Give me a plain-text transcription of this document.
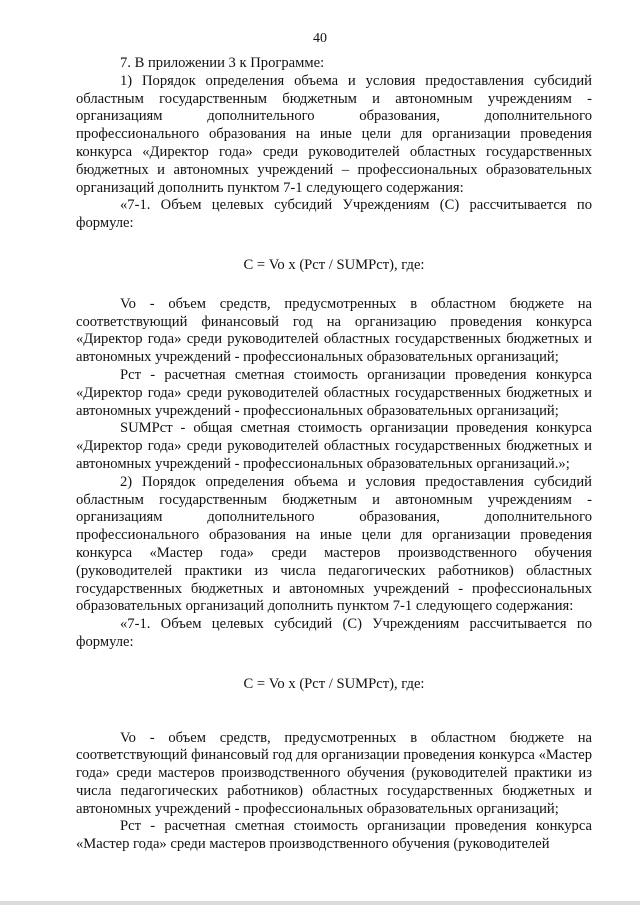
40

7. В приложении 3 к Программе:

1) Порядок определения объема и условия предоставления субсидий областным государственным бюджетным и автономным учреждениям - организациям дополнительного образования, дополнительного профессионального образования на иные цели для организации проведения конкурса «Директор года» среди руководителей областных государственных бюджетных и автономных учреждений – профессиональных образовательных организаций дополнить пунктом 7-1 следующего содержания:

«7-1. Объем целевых субсидий Учреждениям (С) рассчитывается по формуле:

С = Vo x (Рст / SUMРст), где:

Vo - объем средств, предусмотренных в областном бюджете на соответствующий финансовый год на организацию проведения конкурса «Директор года» среди руководителей областных государственных бюджетных и автономных учреждений - профессиональных образовательных организаций;

Рст - расчетная сметная стоимость организации проведения конкурса «Директор года» среди руководителей областных государственных бюджетных и автономных учреждений - профессиональных образовательных организаций;

SUMРст - общая сметная стоимость организации проведения конкурса «Директор года» среди руководителей областных государственных бюджетных и автономных учреждений - профессиональных образовательных организаций.»;

2) Порядок определения объема и условия предоставления субсидий областным государственным бюджетным и автономным учреждениям - организациям дополнительного образования, дополнительного профессионального образования на иные цели для организации проведения конкурса «Мастер года» среди мастеров производственного обучения (руководителей практики из числа педагогических работников) областных государственных бюджетных и автономных учреждений - профессиональных образовательных организаций дополнить пунктом 7-1 следующего содержания:

«7-1. Объем целевых субсидий (С) Учреждениям рассчитывается по формуле:

С = Vo x (Рст / SUMРст), где:

Vo - объем средств, предусмотренных в областном бюджете на соответствующий финансовый год для организации проведения конкурса «Мастер года» среди мастеров производственного обучения (руководителей практики из числа педагогических работников) областных государственных бюджетных и автономных учреждений - профессиональных образовательных организаций;

Рст - расчетная сметная стоимость организации проведения конкурса «Мастер года» среди мастеров производственного обучения (руководителей
